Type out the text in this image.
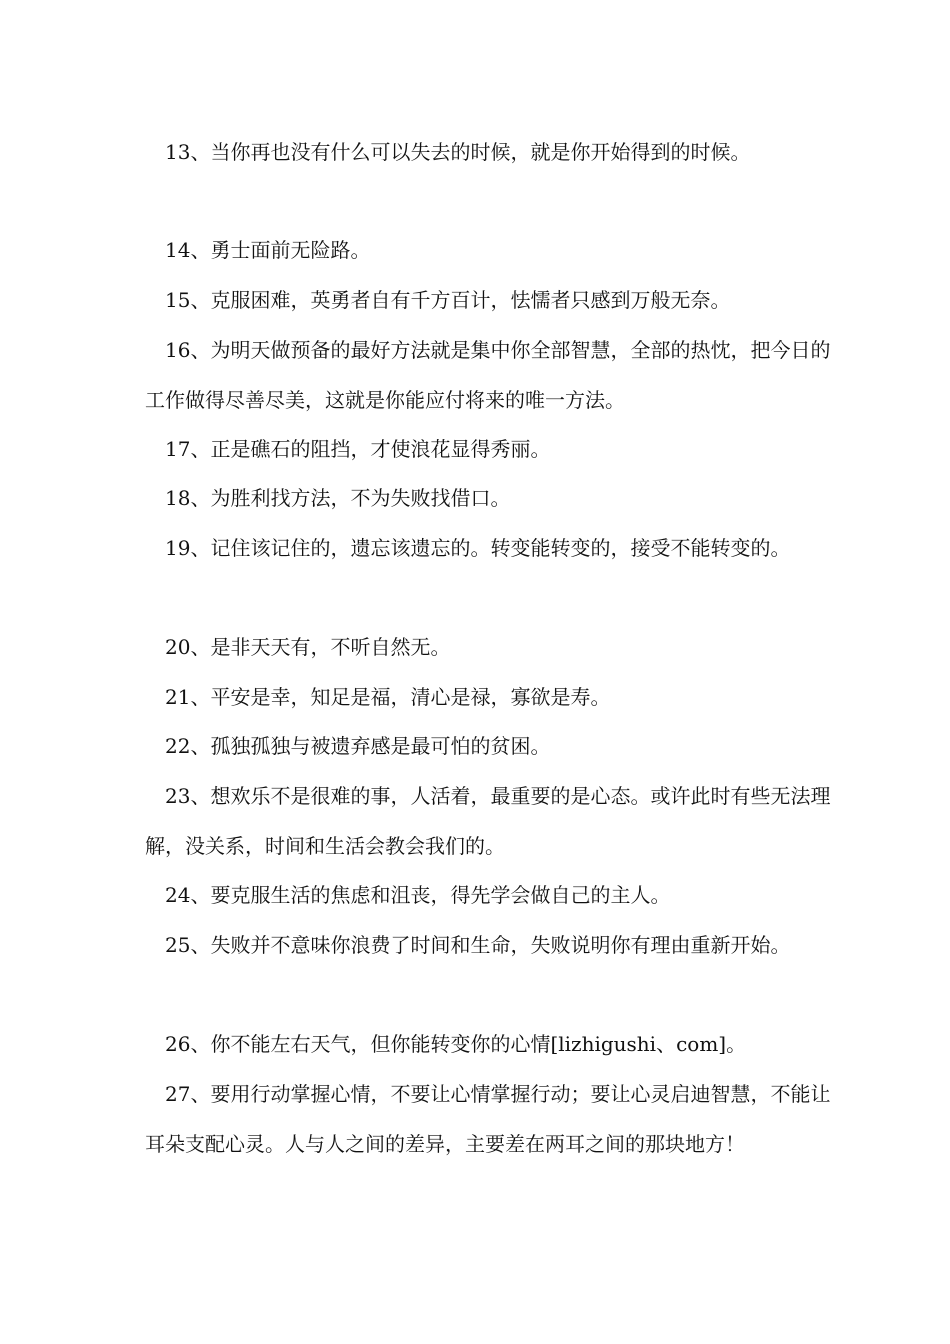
13、当你再也没有什么可以失去的时候，就是你开始得到的时候。

14、勇士面前无险路。

15、克服困难，英勇者自有千方百计，怯懦者只感到万般无奈。

16、为明天做预备的最好方法就是集中你全部智慧，全部的热忱，把今日的工作做得尽善尽美，这就是你能应付将来的唯一方法。

17、正是礁石的阻挡，才使浪花显得秀丽。

18、为胜利找方法，不为失败找借口。

19、记住该记住的，遗忘该遗忘的。转变能转变的，接受不能转变的。

20、是非天天有，不听自然无。

21、平安是幸，知足是福，清心是禄，寡欲是寿。

22、孤独孤独与被遗弃感是最可怕的贫困。

23、想欢乐不是很难的事，人活着，最重要的是心态。或许此时有些无法理解，没关系，时间和生活会教会我们的。

24、要克服生活的焦虑和沮丧，得先学会做自己的主人。

25、失败并不意味你浪费了时间和生命，失败说明你有理由重新开始。

26、你不能左右天气，但你能转变你的心情[lizhigushi、com]。

27、要用行动掌握心情，不要让心情掌握行动；要让心灵启迪智慧，不能让耳朵支配心灵。人与人之间的差异，主要差在两耳之间的那块地方！
